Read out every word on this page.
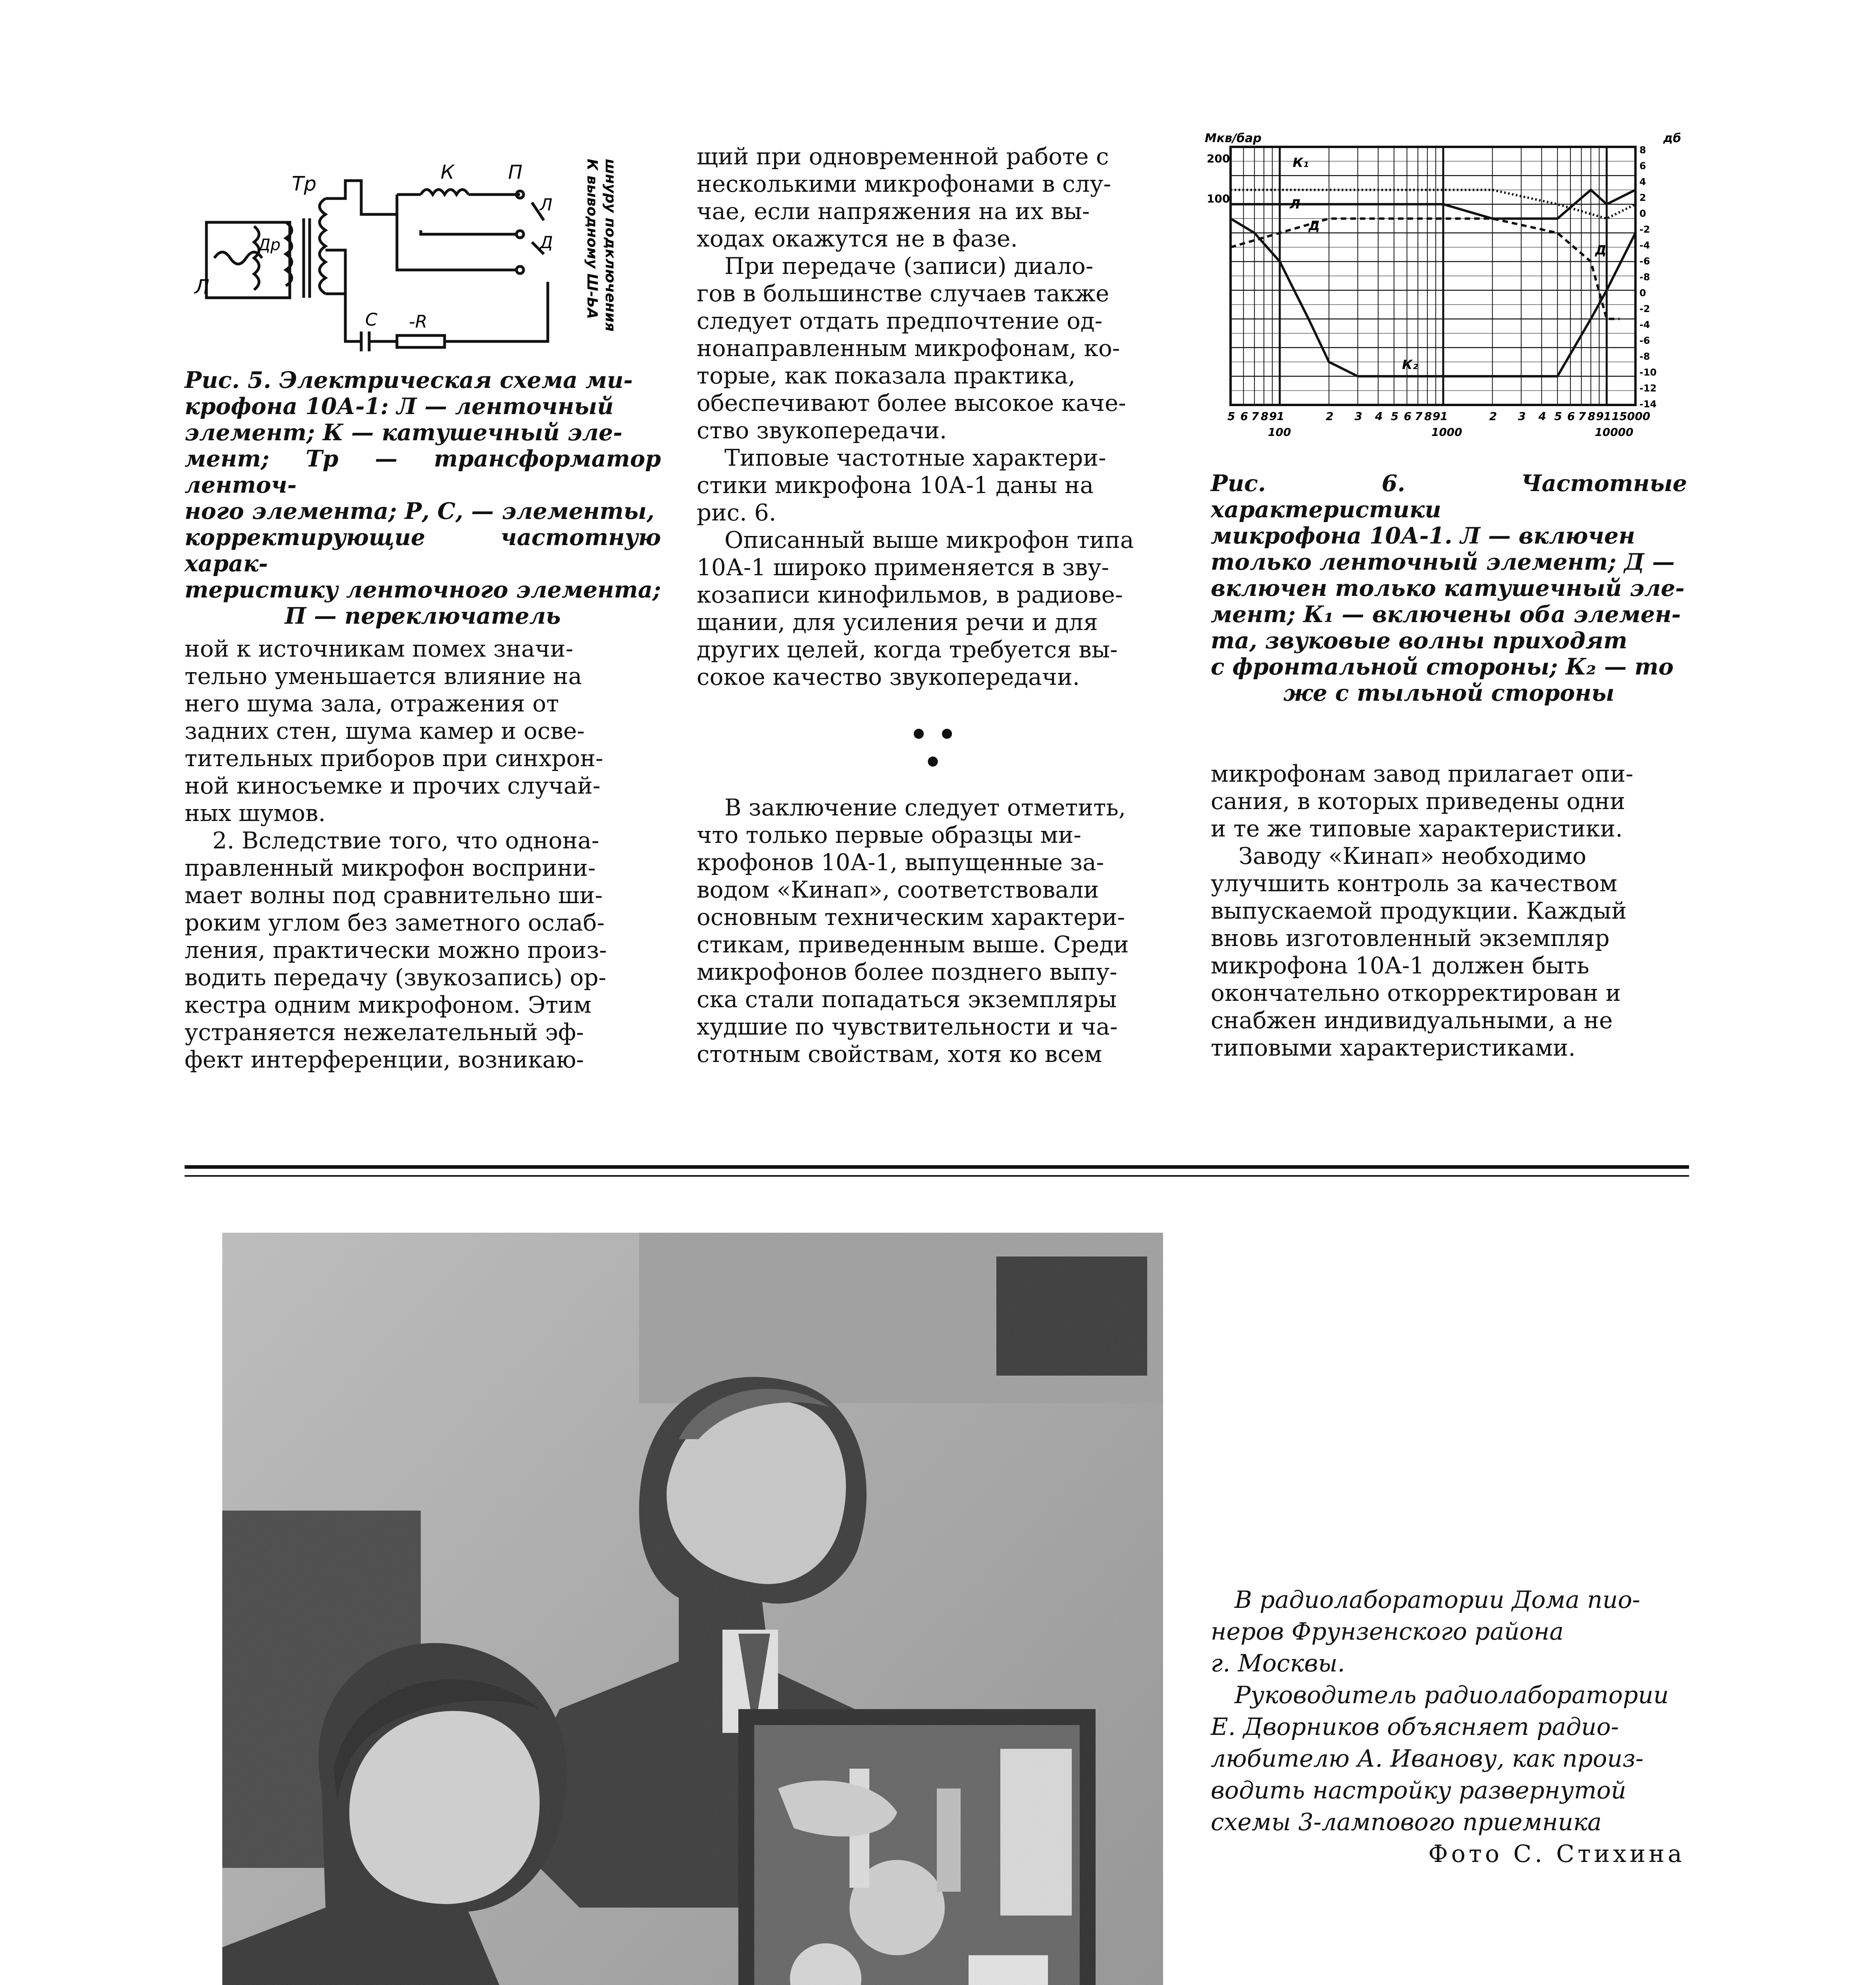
Л
Др
Тр	К	П
Л
Д
С -R
К выводному Ш-ЬА шнуру подключения
Рис. 5. Электрическая схема ми-
крофона 10А-1: Л — ленточный
элемент; К — катушечный эле-
мент; Тр — трансформатор ленточ-
ного элемента; Р, С, — элементы,
корректирующие частотную харак-
теристику ленточного элемента;
П — переключатель

ной к источникам помех значи-

тельно уменьшается влияние на

него шума зала, отражения от

задних стен, шума камер и осве-

тительных приборов при синхрон-

ной киносъемке и прочих случай-

ных шумов.

2. Вследствие того, что однона-

правленный микрофон восприни-

мает волны под сравнительно ши-

роким углом без заметного ослаб-

ления, практически можно произ-

водить передачу (звукозапись) ор-

кестра одним микрофоном. Этим

устраняется нежелательный эф-

фект интерференции, возникаю-

щий при одновременной работе с

несколькими микрофонами в слу-

чае, если напряжения на их вы-

ходах окажутся не в фазе.

При передаче (записи) диало-

гов в большинстве случаев также

следует отдать предпочтение од-

нонаправленным микрофонам, ко-

торые, как показала практика,

обеспечивают более высокое каче-

ство звукопередачи.

Типовые частотные характери-

стики микрофона 10А-1 даны на

рис. 6.

Описанный выше микрофон типа

10А-1 широко применяется в зву-

козаписи кинофильмов, в радиове-

щании, для усиления речи и для

других целей, когда требуется вы-

сокое качество звукопередачи.

• •
•

В заключение следует отметить,

что только первые образцы ми-

крофонов 10А-1, выпущенные за-

водом «Кинап», соответствовали

основным техническим характери-

стикам, приведенным выше. Среди

микрофонов более позднего выпу-

ска стали попадаться экземпляры

худшие по чувствительности и ча-

стотным свойствам, хотя ко всем

Мкв/бар	дб
200
100
8
6
4
2
0
-2
-4
-6
-8
0
-2
-4
-6
-8
-10
-12
-14
5 6 7 8 9 1	2 3 4 5 6 7 8 9 1	2 3 4 5 6 7 8 9 1 15000
100	1000	10000
К₁
Л
Д
К₂
Д
Рис. 6. Частотные характеристики
микрофона 10А-1. Л — включен
только ленточный элемент; Д —
включен только катушечный эле-
мент; К₁ — включены оба элемен-
та, звуковые волны приходят
с фронтальной стороны; К₂ — то
же с тыльной стороны

микрофонам завод прилагает опи-

сания, в которых приведены одни

и те же типовые характеристики.

Заводу «Кинап» необходимо

улучшить контроль за качеством

выпускаемой продукции. Каждый

вновь изготовленный экземпляр

микрофона 10А-1 должен быть

окончательно откорректирован и

снабжен индивидуальными, а не

типовыми характеристиками.

В радиолаборатории Дома пио-

неров Фрунзенского района

г. Москвы.

Руководитель радиолаборатории

Е. Дворников объясняет радио-

любителю А. Иванову, как произ-

водить настройку развернутой

схемы 3-лампового приемника

Фото С. Стихина
